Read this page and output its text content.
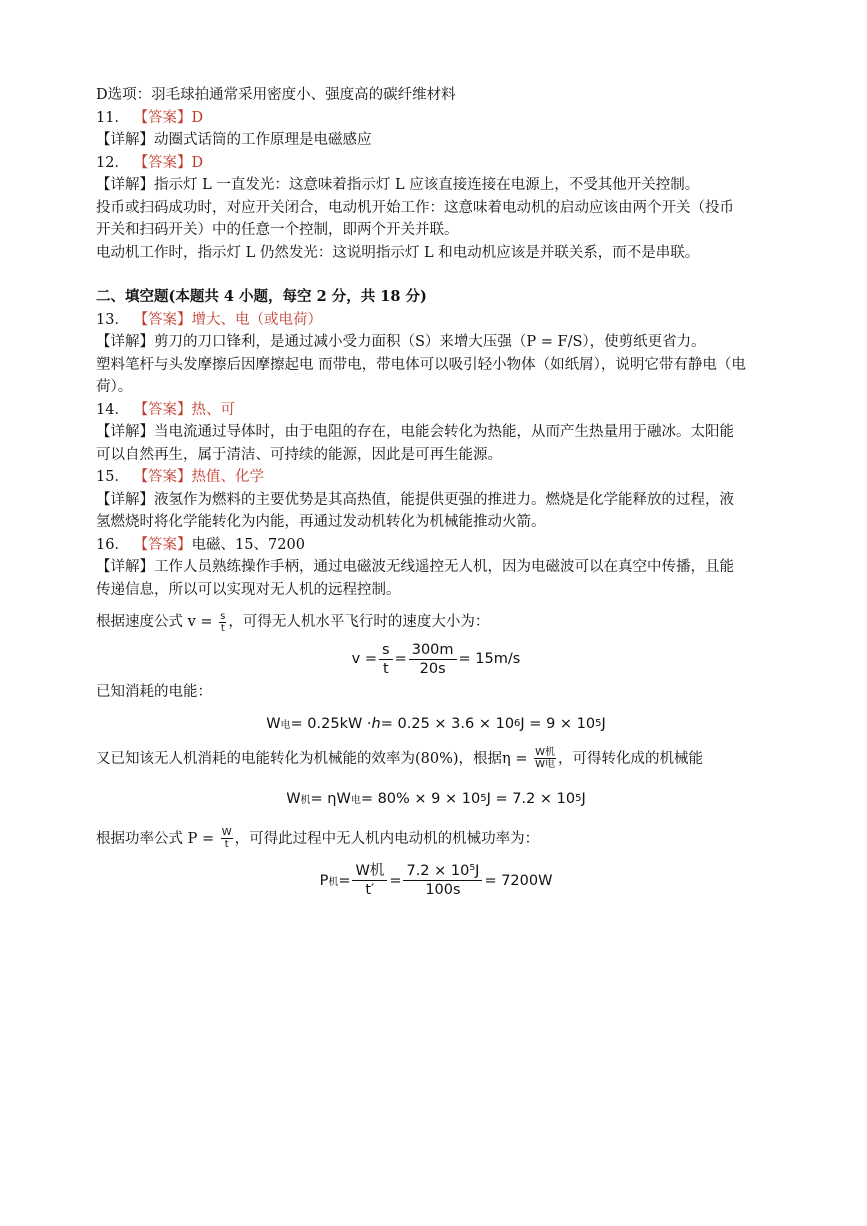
D选项：羽毛球拍通常采用密度小、强度高的碳纤维材料
11． 【答案】D
【详解】动圈式话筒的工作原理是电磁感应
12． 【答案】D
【详解】指示灯 L 一直发光：这意味着指示灯 L 应该直接连接在电源上，不受其他开关控制。
投币或扫码成功时，对应开关闭合，电动机开始工作：这意味着电动机的启动应该由两个开关（投币
开关和扫码开关）中的任意一个控制，即两个开关并联。
电动机工作时，指示灯 L 仍然发光：这说明指示灯 L 和电动机应该是并联关系，而不是串联。
二、填空题(本题共 4 小题，每空 2 分，共 18 分)
13． 【答案】增大、电（或电荷）
【详解】剪刀的刀口锋利，是通过减小受力面积（S）来增大压强（P = F/S），使剪纸更省力。
塑料笔杆与头发摩擦后因摩擦起电 而带电，带电体可以吸引轻小物体（如纸屑），说明它带有静电（电
荷）。
14． 【答案】热、可
【详解】当电流通过导体时，由于电阻的存在，电能会转化为热能，从而产生热量用于融冰。太阳能
可以自然再生，属于清洁、可持续的能源，因此是可再生能源。
15． 【答案】热值、化学
【详解】液氢作为燃料的主要优势是其高热值，能提供更强的推进力。燃烧是化学能释放的过程，液
氢燃烧时将化学能转化为内能，再通过发动机转化为机械能推动火箭。
16． 【答案】电磁、15、7200
【详解】工作人员熟练操作手柄，通过电磁波无线遥控无人机，因为电磁波可以在真空中传播，且能
传递信息，所以可以实现对无人机的远程控制。
根据速度公式 $v = \frac{s}{t}$ ，可得无人机水平飞行时的速度大小为：
$v = \frac{s}{t} = \frac{300m}{20s} = 15m/s$
已知消耗的电能：
W 电 = 0.25kW · h = 0.25 × 3.6 × 10 6 J = 9 × 10 5 J
又已知该无人机消耗的电能转化为机械能的效率为(80%)，根据$\eta = \frac{\text{W机}}{\text{W电}}$ ，可得转化成的机械能
W 机 = ηW 电 = 80% × 9 × 10 5 J = 7.2 × 10 5 J
根据功率公式 $P = \frac{W}{t}$ ，可得此过程中无人机内电动机的机械功率为：
P 机 = $\frac{\text{W机}}{t'} = \frac{\text{7.2 × 10⁵J}}{100s} = 7200W$
